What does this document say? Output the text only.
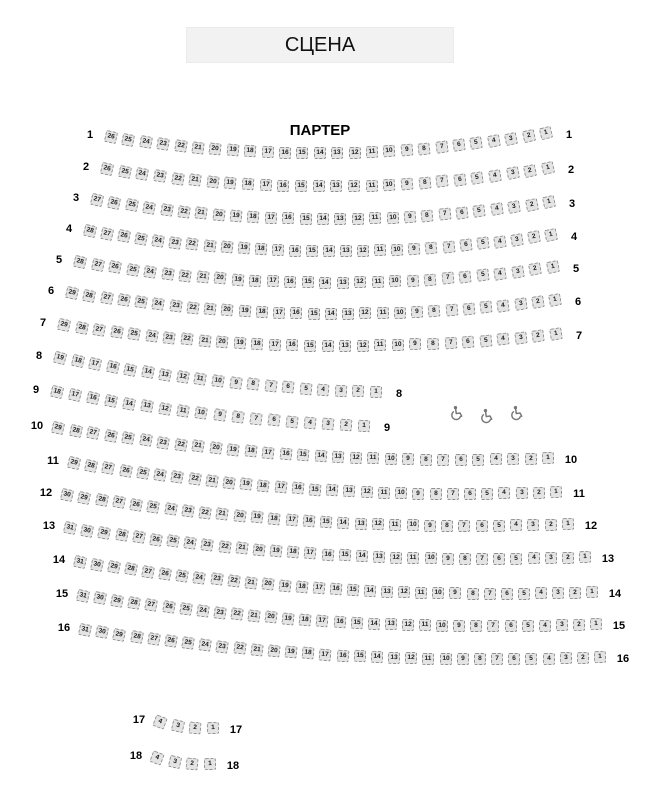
СЦЕНА
ПАРТЕР
26	25	24	23	22	21	20	19	18	17	16	15	14	13	12	11	10	9	8	7	6	5	4	3	2	1
1	1
26	25	24	23	22	21	20	19	18	17	16	15	14	13	12	11	10	9	8	7	6	5	4	3	2	1
2	2
27	26	25	24	23	22	21	20	19	18	17	16	15	14	13	12	11	10	9	8	7	6	5	4	3	2	1
3	3
28	27	26	25	24	23	22	21	20	19	18	17	16	15	14	13	12	11	10	9	8	7	6	5	4	3	2	1
4
4
28	27	26	25	24	23	22	21	20	19	18	17	16	15	14	13	12	11	10	9	8	7	6	5	4	3	2	1
5
5
29	28	27	26	25	24	23	22	21	20	19	18	17	16	15	14	13	12	11	10	9	8	7	6	5	4	3	2	1
6
6
29	28	27	26	25	24	23	22	21	20	19	18	17	16	15	14	13	12	11	10	9	8	7	6	5	4	3	2	1
7
7
19	18	17	16	15	14	13	12	11	10	9	8	7	6	5	4	3	2	1
8
8
18	17	16	15	14	13	12	11	10	9	8	7	6	5	4	3	2	1
9
9
29	28	27	26	25	24	23	22	21	20	19	18	17	16	15	14	13	12	11	10	9	8	7	6	5	4	3	2	1
10
10
29	28	27	26	25	24	23	22	21	20	19	18	17	16	15	14	13	12	11	10	9	8	7	6	5	4	3	2	1
11
11
30	29	28	27	26	25	24	23	22	21	20	19	18	17	16	15	14	13	12	11	10	9	8	7	6	5	4	3	2	1
12
12
31	30	29	28	27	26	25	24	23	22	21	20	19	18	17	16	15	14	13	12	11	10	9	8	7	6	5	4	3	2	1
13
13
31	30	29	28	27	26	25	24	23	22	21	20	19	18	17	16	15	14	13	12	11	10	9	8	7	6	5	4	3	2	1
14
14
31	30	29	28	27	26	25	24	23	22	21	20	19	18	17	16	15	14	13	12	11	10	9	8	7	6	5	4	3	2	1
15
15
31	30	29	28	27	26	25	24	23	22	21	20	19	18	17	16	15	14	13	12	11	10	9	8	7	6	5	4	3	2	1
16
16
4	3	2	1
17
17
4	3	2	1
18
18
